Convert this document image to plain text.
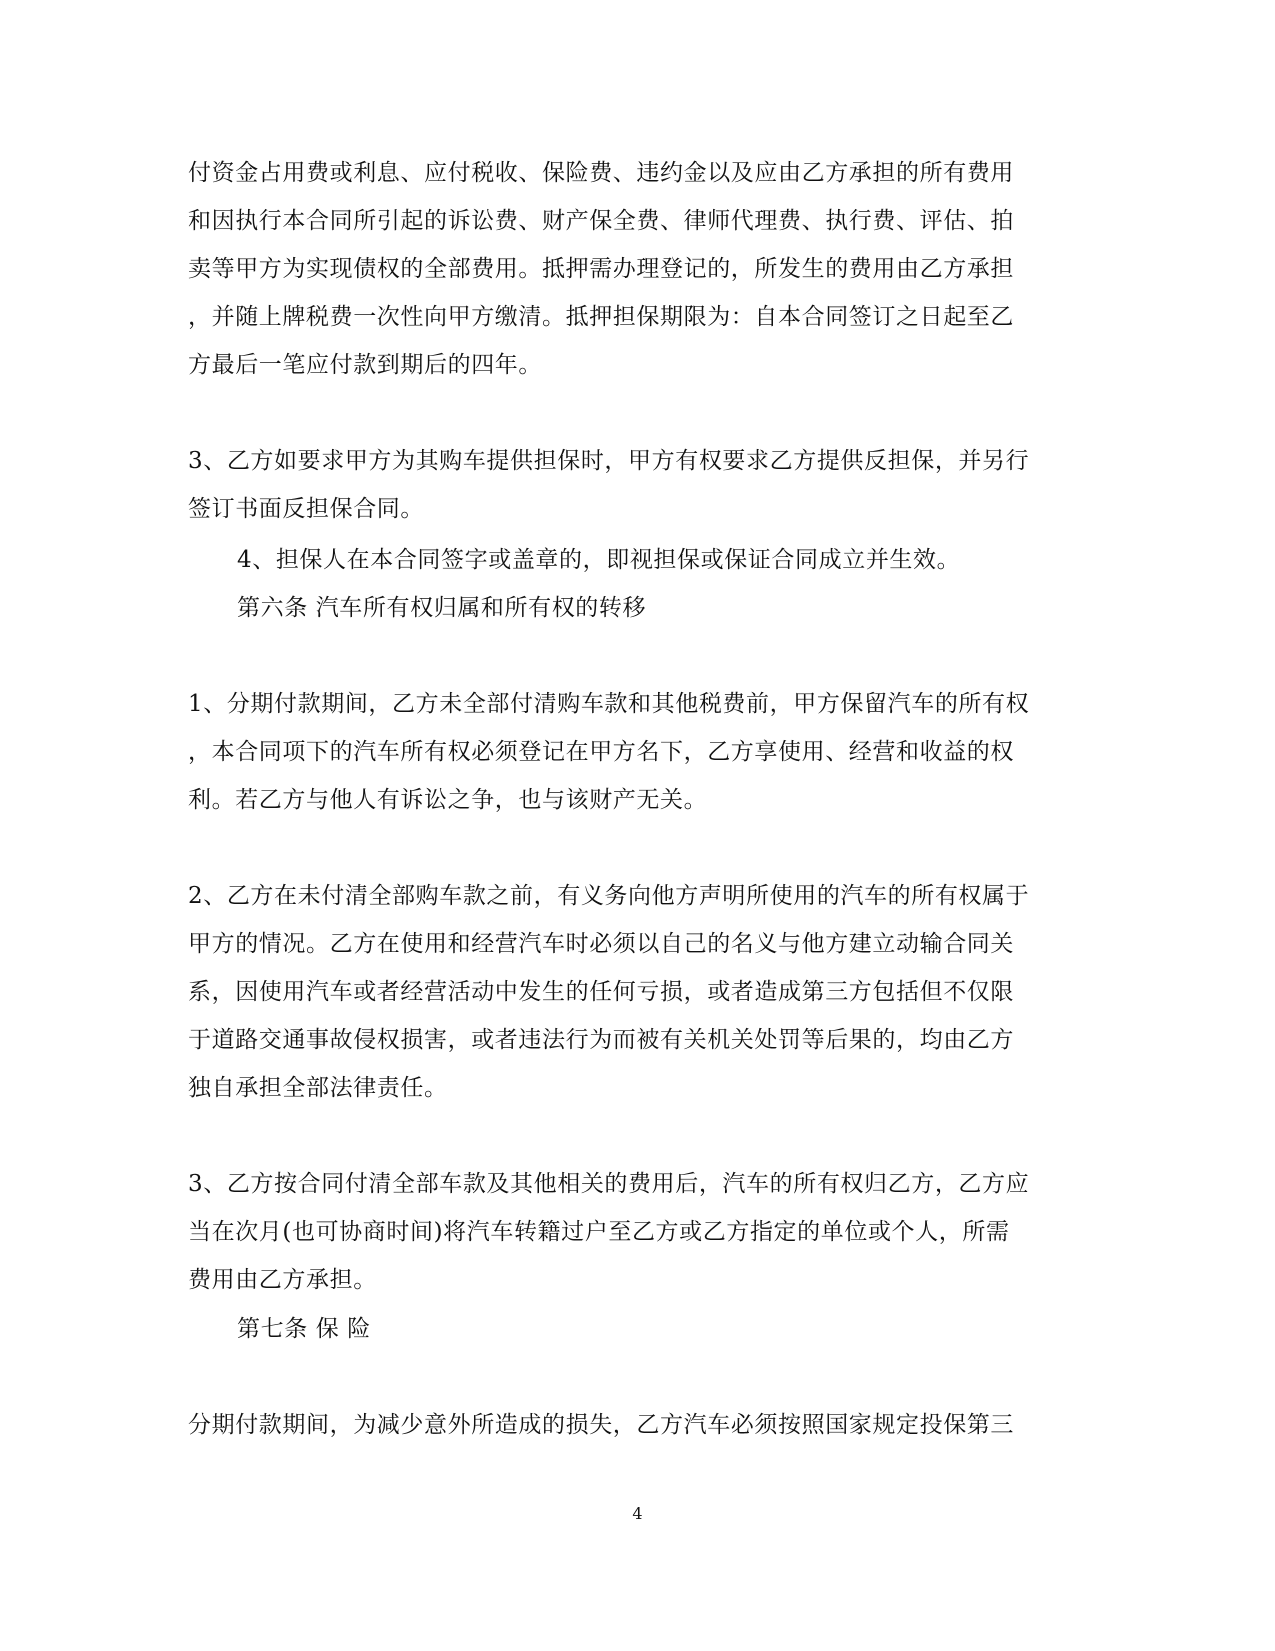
付资金占用费或利息、应付税收、保险费、违约金以及应由乙方承担的所有费用
和因执行本合同所引起的诉讼费、财产保全费、律师代理费、执行费、评估、拍
卖等甲方为实现债权的全部费用。抵押需办理登记的，所发生的费用由乙方承担
，并随上牌税费一次性向甲方缴清。抵押担保期限为：自本合同签订之日起至乙
方最后一笔应付款到期后的四年。
3、乙方如要求甲方为其购车提供担保时，甲方有权要求乙方提供反担保，并另行
签订书面反担保合同。
4、担保人在本合同签字或盖章的，即视担保或保证合同成立并生效。
第六条 汽车所有权归属和所有权的转移
1、分期付款期间，乙方未全部付清购车款和其他税费前，甲方保留汽车的所有权
，本合同项下的汽车所有权必须登记在甲方名下，乙方享使用、经营和收益的权
利。若乙方与他人有诉讼之争，也与该财产无关。
2、乙方在未付清全部购车款之前，有义务向他方声明所使用的汽车的所有权属于
甲方的情况。乙方在使用和经营汽车时必须以自己的名义与他方建立动输合同关
系，因使用汽车或者经营活动中发生的任何亏损，或者造成第三方包括但不仅限
于道路交通事故侵权损害，或者违法行为而被有关机关处罚等后果的，均由乙方
独自承担全部法律责任。
3、乙方按合同付清全部车款及其他相关的费用后，汽车的所有权归乙方，乙方应
当在次月(也可协商时间)将汽车转籍过户至乙方或乙方指定的单位或个人，所需
费用由乙方承担。
第七条 保 险
分期付款期间，为减少意外所造成的损失，乙方汽车必须按照国家规定投保第三
4
